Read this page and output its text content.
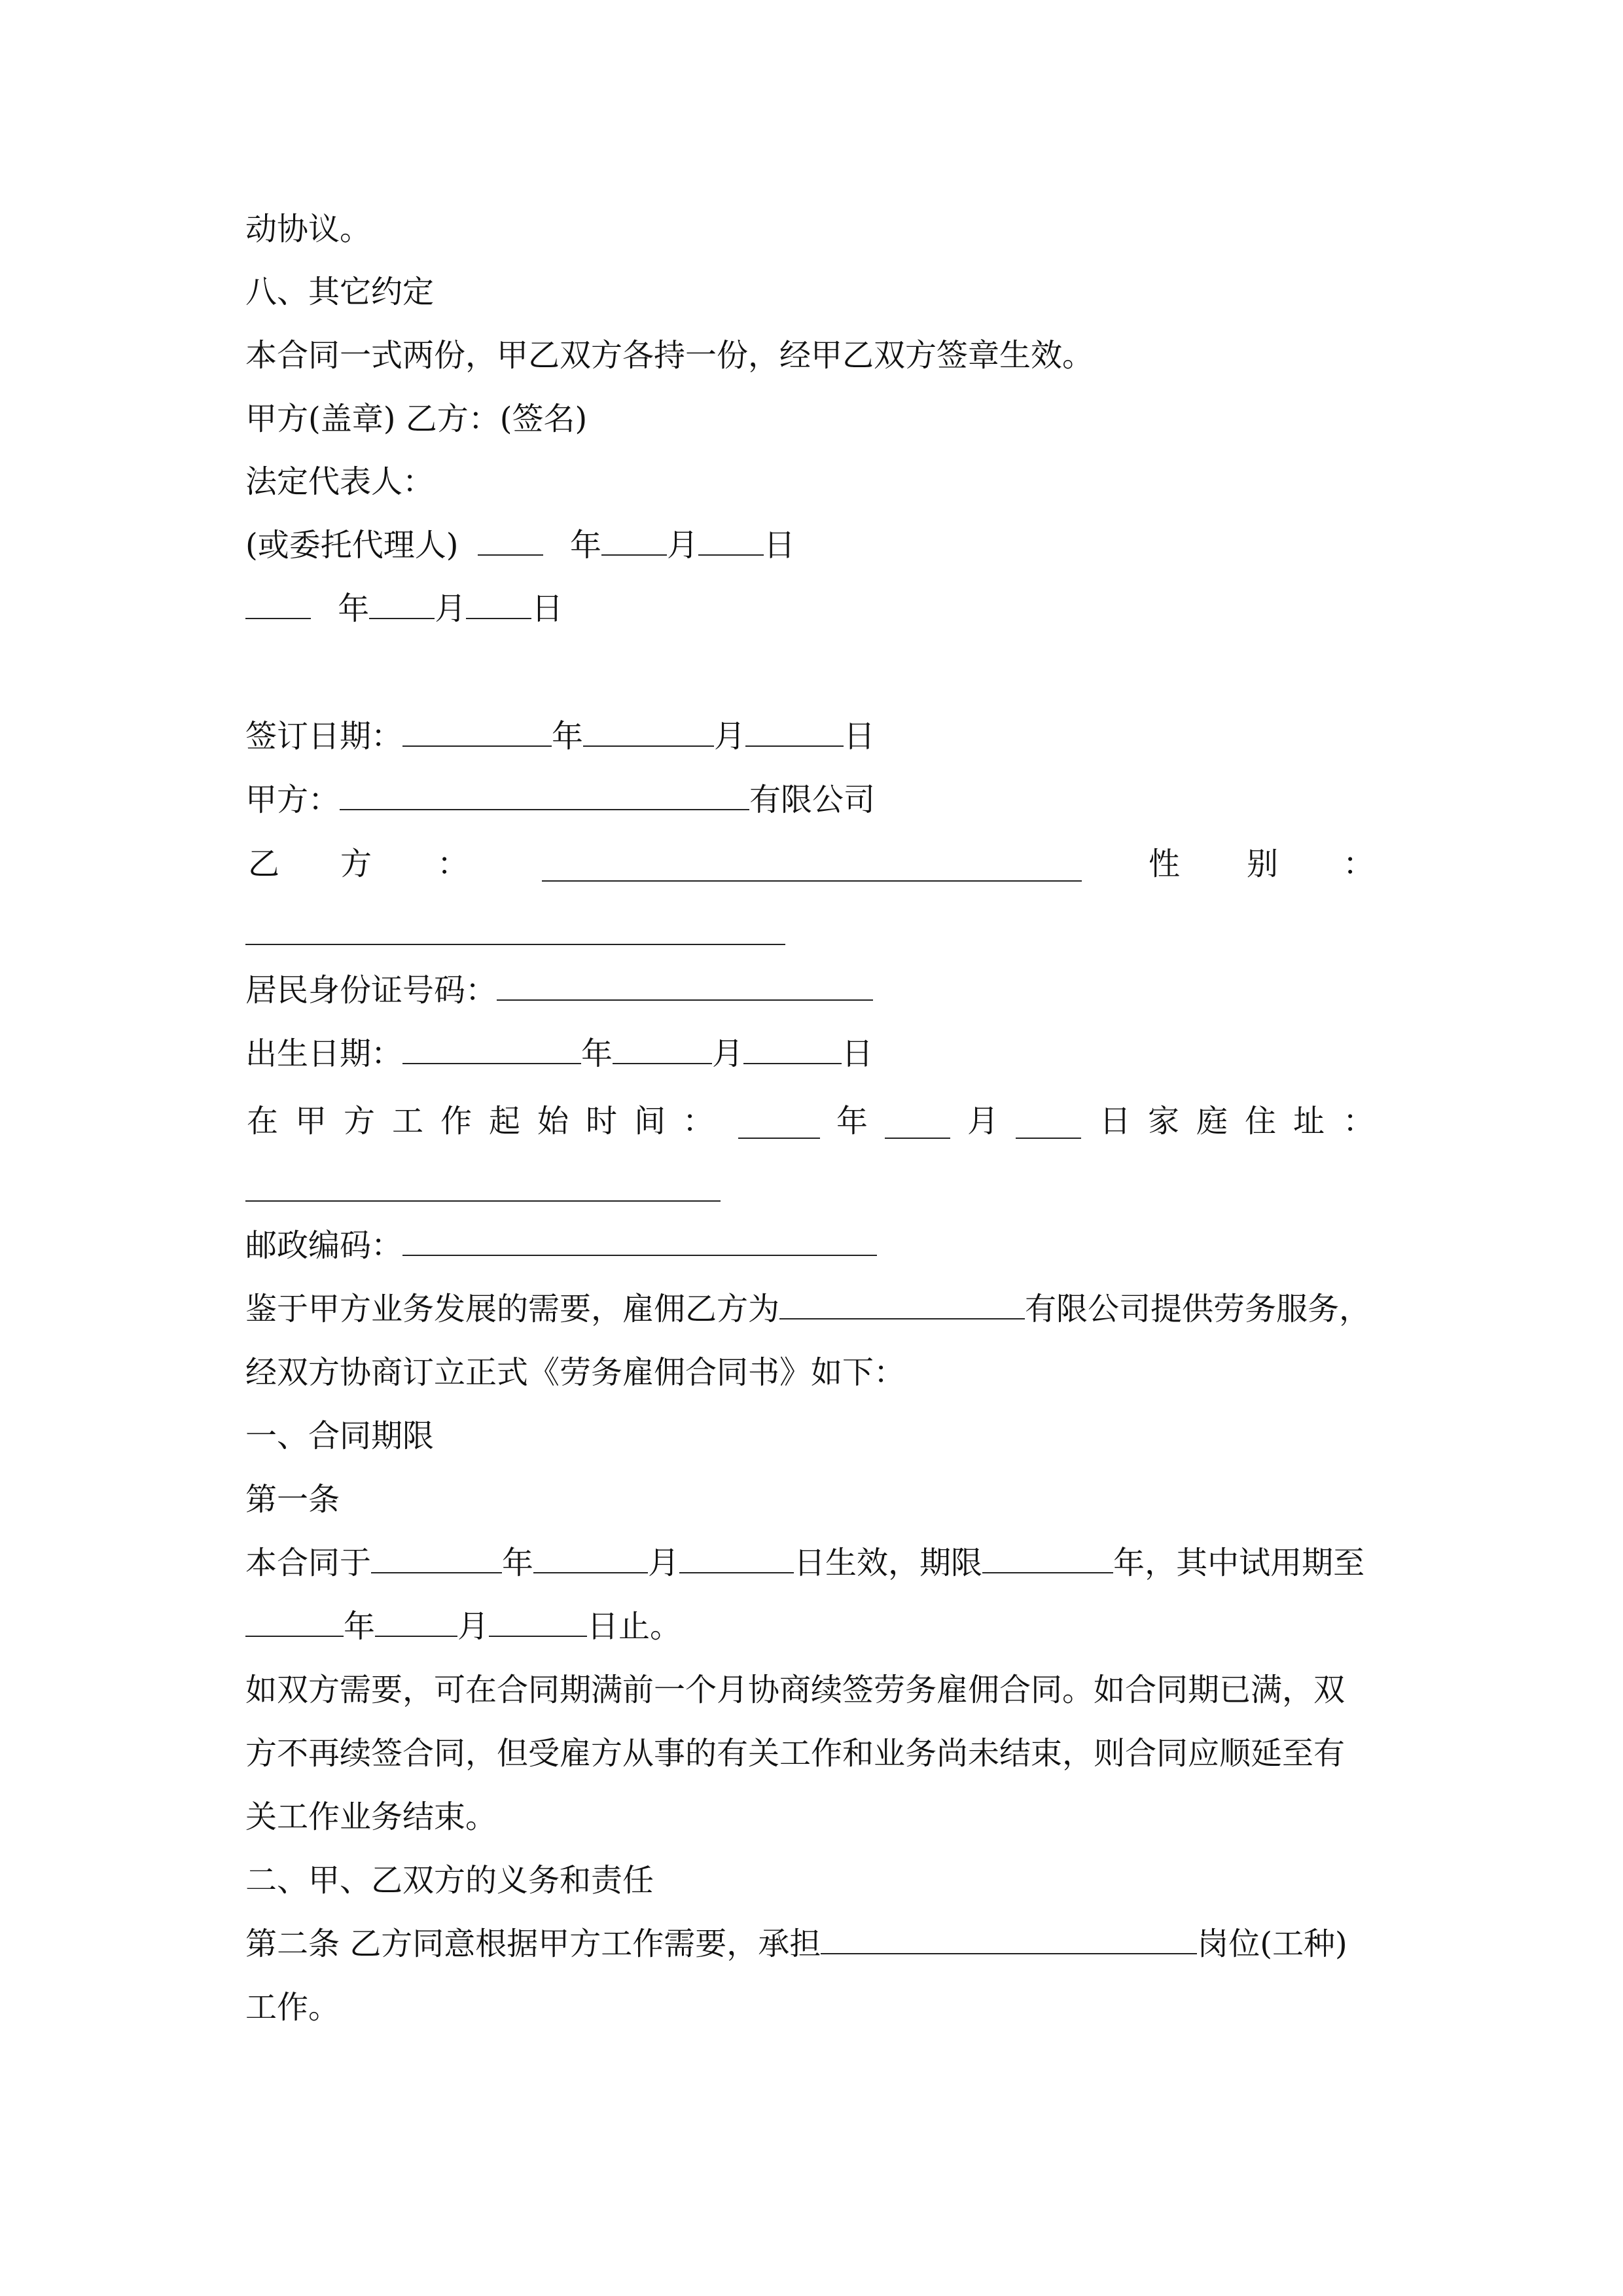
动协议。
八、其它约定
本合同一式两份，甲乙双方各持一份，经甲乙双方签章生效。
甲方(盖章) 乙方：(签名)
法定代表人：
(或委托代理人)	年 月 日
年 月 日
签订日期：	年	月	日
甲方：	有限公司
乙 方 ：	性 别 ：
居民身份证号码：
出生日期：	年	月	日
在 甲 方 工 作 起 始 时 间 ：	年	月	日 家 庭 住 址 ：
邮政编码：
鉴于甲方业务发展的需要，雇佣乙方为	有限公司提供劳务服务，
经双方协商订立正式《劳务雇佣合同书》如下：
一、合同期限
第一条
本合同于	年	月	日生效，期限	年，其中试用期至
年	月	日止。
如双方需要，可在合同期满前一个月协商续签劳务雇佣合同。如合同期已满，双
方不再续签合同，但受雇方从事的有关工作和业务尚未结束，则合同应顺延至有
关工作业务结束。
二、甲、乙双方的义务和责任
第二条 乙方同意根据甲方工作需要，承担	岗位(工种)
工作。
